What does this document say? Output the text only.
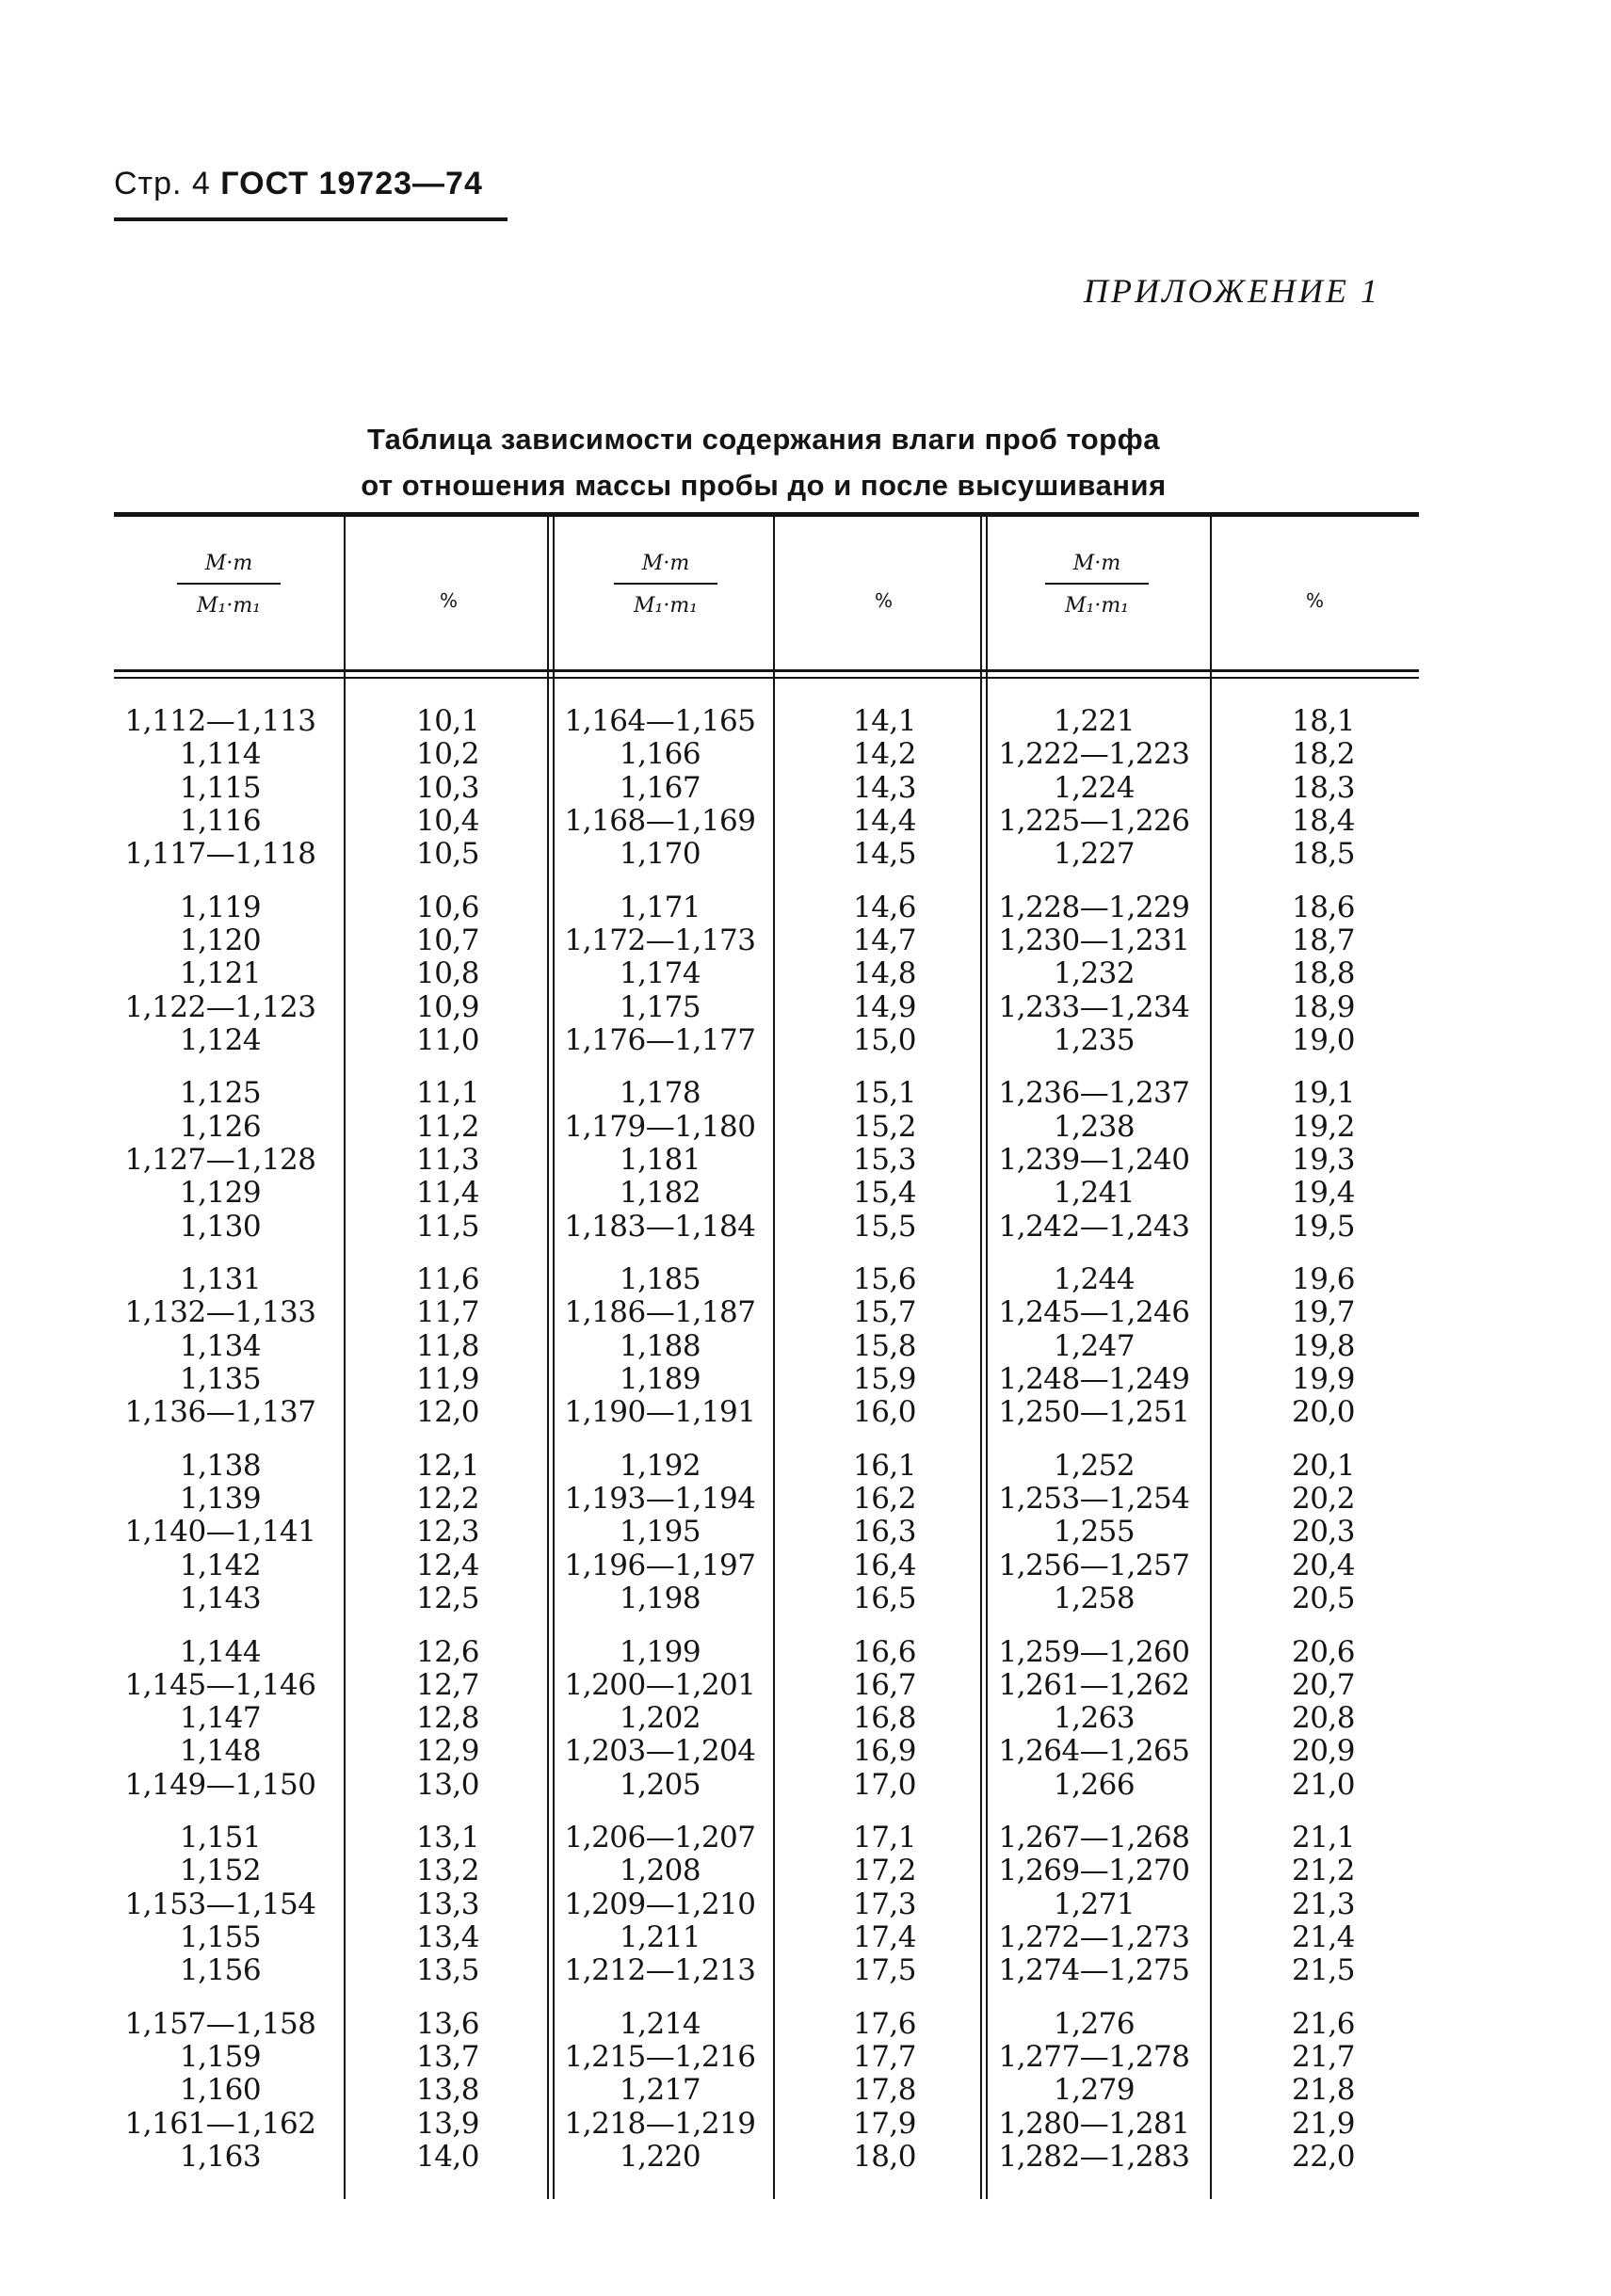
Стр. 4 ГОСТ 19723—74
ПРИЛОЖЕНИЕ 1
Таблица зависимости содержания влаги проб торфа
от отношения массы пробы до и после высушивания
M·m
M₁·m₁	%
M·m
M₁·m₁	%
M·m
M₁·m₁	%
1,112—1,113	10,1	1,164—1,165	14,1	1,221	18,1
1,114	10,2	1,166	14,2	1,222—1,223	18,2
1,115	10,3	1,167	14,3	1,224	18,3
1,116	10,4	1,168—1,169	14,4	1,225—1,226	18,4
1,117—1,118	10,5	1,170	14,5	1,227	18,5
1,119	10,6	1,171	14,6	1,228—1,229	18,6
1,120	10,7	1,172—1,173	14,7	1,230—1,231	18,7
1,121	10,8	1,174	14,8	1,232	18,8
1,122—1,123	10,9	1,175	14,9	1,233—1,234	18,9
1,124	11,0	1,176—1,177	15,0	1,235	19,0
1,125	11,1	1,178	15,1	1,236—1,237	19,1
1,126	11,2	1,179—1,180	15,2	1,238	19,2
1,127—1,128	11,3	1,181	15,3	1,239—1,240	19,3
1,129	11,4	1,182	15,4	1,241	19,4
1,130	11,5	1,183—1,184	15,5	1,242—1,243	19,5
1,131	11,6	1,185	15,6	1,244	19,6
1,132—1,133	11,7	1,186—1,187	15,7	1,245—1,246	19,7
1,134	11,8	1,188	15,8	1,247	19,8
1,135	11,9	1,189	15,9	1,248—1,249	19,9
1,136—1,137	12,0	1,190—1,191	16,0	1,250—1,251	20,0
1,138	12,1	1,192	16,1	1,252	20,1
1,139	12,2	1,193—1,194	16,2	1,253—1,254	20,2
1,140—1,141	12,3	1,195	16,3	1,255	20,3
1,142	12,4	1,196—1,197	16,4	1,256—1,257	20,4
1,143	12,5	1,198	16,5	1,258	20,5
1,144	12,6	1,199	16,6	1,259—1,260	20,6
1,145—1,146	12,7	1,200—1,201	16,7	1,261—1,262	20,7
1,147	12,8	1,202	16,8	1,263	20,8
1,148	12,9	1,203—1,204	16,9	1,264—1,265	20,9
1,149—1,150	13,0	1,205	17,0	1,266	21,0
1,151	13,1	1,206—1,207	17,1	1,267—1,268	21,1
1,152	13,2	1,208	17,2	1,269—1,270	21,2
1,153—1,154	13,3	1,209—1,210	17,3	1,271	21,3
1,155	13,4	1,211	17,4	1,272—1,273	21,4
1,156	13,5	1,212—1,213	17,5	1,274—1,275	21,5
1,157—1,158	13,6	1,214	17,6	1,276	21,6
1,159	13,7	1,215—1,216	17,7	1,277—1,278	21,7
1,160	13,8	1,217	17,8	1,279	21,8
1,161—1,162	13,9	1,218—1,219	17,9	1,280—1,281	21,9
1,163	14,0	1,220	18,0	1,282—1,283	22,0
